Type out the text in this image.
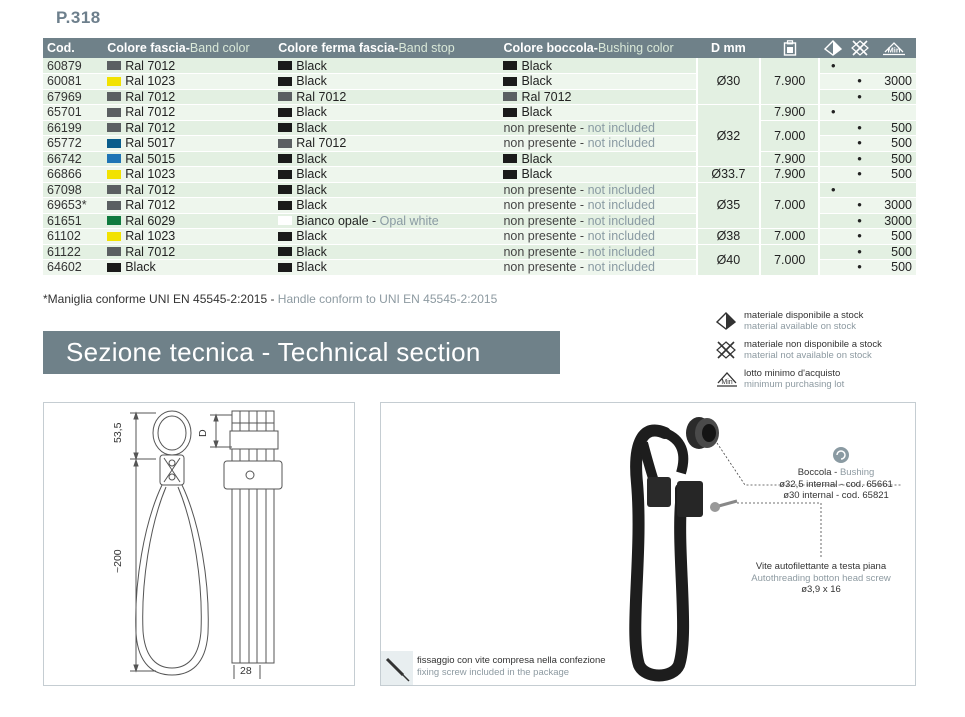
P.318
Cod.	Colore fascia-Band color	Colore ferma fascia-Band stop	Colore boccola-Bushing color	D mm				Min

60879	Ral 7012	Black	Black	Ø30	7.900	•		
60081	Ral 1023	Black	Black				•	3000
67969	Ral 7012	Ral 7012	Ral 7012				•	500
65701	Ral 7012	Black	Black	Ø32	7.900	•		
66199	Ral 7012	Black	non presente - not included		7.000		•	500
65772	Ral 5017	Ral 7012	non presente - not included				•	500
66742	Ral 5015	Black	Black		7.900		•	500
66866	Ral 1023	Black	Black	Ø33.7	7.900		•	500
67098	Ral 7012	Black	non presente - not included	Ø35	7.000	•		
69653*	Ral 7012	Black	non presente - not included				•	3000
61651	Ral 6029	Bianco opale - Opal white	non presente - not included				•	3000
61102	Ral 1023	Black	non presente - not included	Ø38	7.000		•	500
61122	Ral 7012	Black	non presente - not included	Ø40	7.000		•	500
64602	Black	Black	non presente - not included				•	500
*Maniglia conforme UNI EN 45545-2:2015 - Handle conform to UNI EN 45545-2:2015
Sezione tecnica - Technical section
materiale disponibile a stock
material available on stock
materiale non disponibile a stock
material not available on stock
Min
lotto minimo d'acquisto
minimum purchasing lot
53,5
~200
D
28
Boccola - Bushing
ø32,5 internal - cod. 65661
ø30 internal - cod. 65821
Vite autofilettante a testa piana
Autothreading botton head screw
ø3,9 x 16
fissaggio con vite compresa nella confezione
fixing screw included in the package
